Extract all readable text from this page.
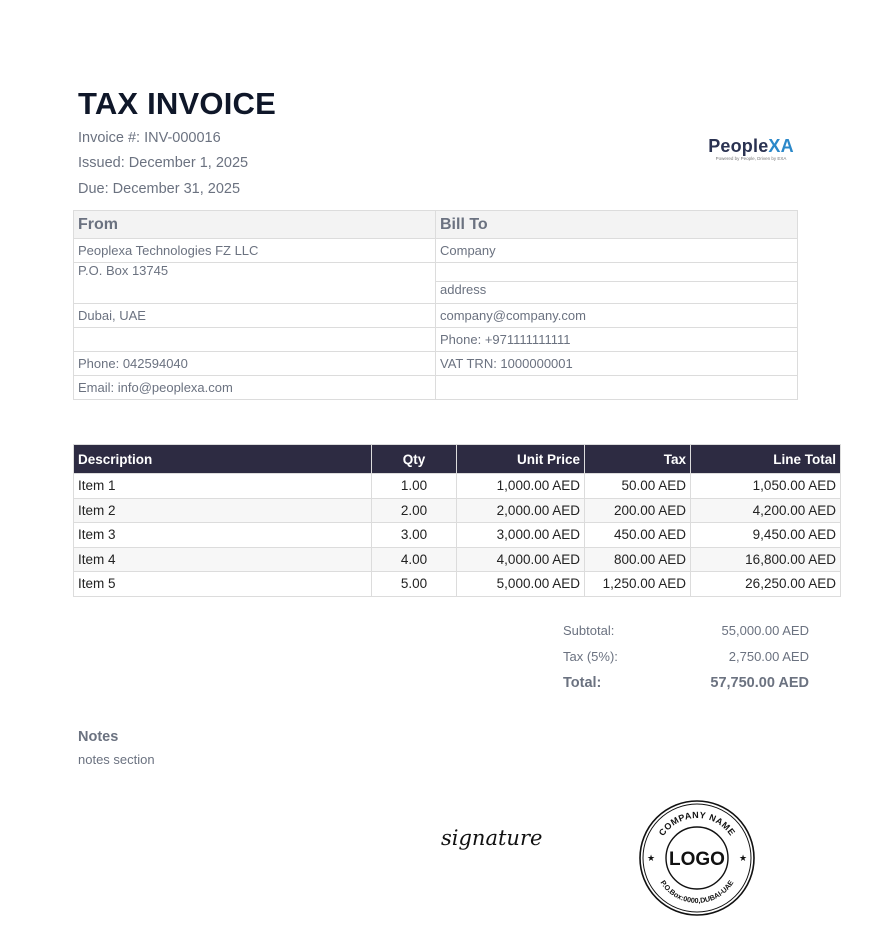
TAX INVOICE
Invoice #: INV-000016
Issued: December 1, 2025
Due: December 31, 2025
PeopleXA
Powered by People, Driven by EXA
From	Bill To
Peoplexa Technologies FZ LLC	Company
P.O. Box 13745	
	address
Dubai, UAE	company@company.com
	Phone: +971111111111
Phone: 042594040	VAT TRN: 1000000001
Email: info@peoplexa.com	
Description	Qty	Unit Price	Tax	Line Total
Item 1	1.00	1,000.00 AED	50.00 AED	1,050.00 AED
Item 2	2.00	2,000.00 AED	200.00 AED	4,200.00 AED
Item 3	3.00	3,000.00 AED	450.00 AED	9,450.00 AED
Item 4	4.00	4,000.00 AED	800.00 AED	16,800.00 AED
Item 5	5.00	5,000.00 AED	1,250.00 AED	26,250.00 AED
Subtotal:	55,000.00 AED
Tax (5%):	2,750.00 AED
Total:	57,750.00 AED
Notes
notes section
signature	COMPANY NAME
P.O.Box:0000,DUBAI-UAE
LOGO
★	★
